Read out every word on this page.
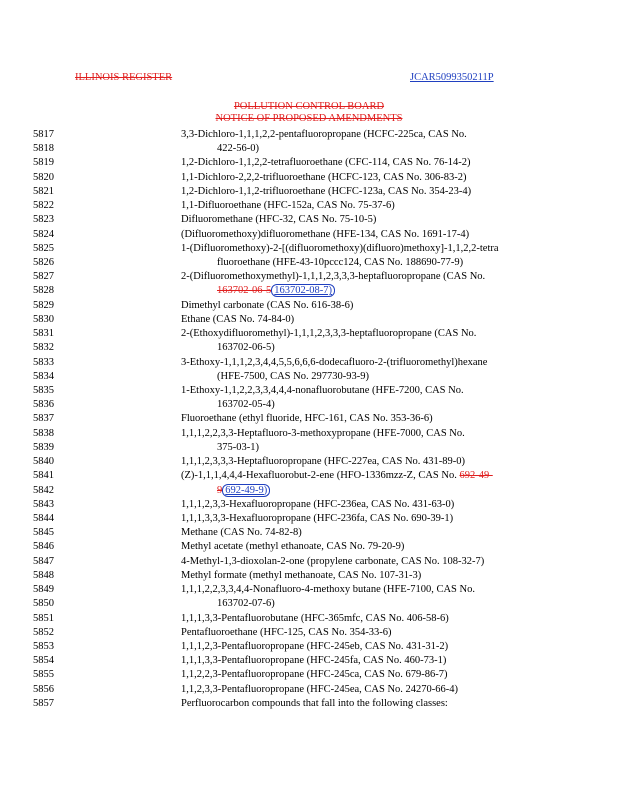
ILLINOIS REGISTER	JCAR5099350211P
POLLUTION CONTROL BOARD
NOTICE OF PROPOSED AMENDMENTS
5817	3,3-Dichloro-1,1,1,2,2-pentafluoropropane (HCFC-225ca, CAS No.
5818	422-56-0)
5819	1,2-Dichloro-1,1,2,2-tetrafluoroethane (CFC-114, CAS No. 76-14-2)
5820	1,1-Dichloro-2,2,2-trifluoroethane (HCFC-123, CAS No. 306-83-2)
5821	1,2-Dichloro-1,1,2-trifluoroethane (HCFC-123a, CAS No. 354-23-4)
5822	1,1-Difluoroethane (HFC-152a, CAS No. 75-37-6)
5823	Difluoromethane (HFC-32, CAS No. 75-10-5)
5824	(Difluoromethoxy)difluoromethane (HFE-134, CAS No. 1691-17-4)
5825	1-(Difluoromethoxy)-2-[(difluoromethoxy)(difluoro)methoxy]-1,1,2,2-tetra
5826	fluoroethane (HFE-43-10pccc124, CAS No. 188690-77-9)
5827	2-(Difluoromethoxymethyl)-1,1,1,2,3,3,3-heptafluoropropane (CAS No.
5828	163702-06-5 163702-08-7)
5829	Dimethyl carbonate (CAS No. 616-38-6)
5830	Ethane (CAS No. 74-84-0)
5831	2-(Ethoxydifluoromethyl)-1,1,1,2,3,3,3-heptafluoropropane (CAS No.
5832	163702-06-5)
5833	3-Ethoxy-1,1,1,2,3,4,4,5,5,6,6,6-dodecafluoro-2-(trifluoromethyl)hexane
5834	(HFE-7500, CAS No. 297730-93-9)
5835	1-Ethoxy-1,1,2,2,3,3,4,4,4-nonafluorobutane (HFE-7200, CAS No.
5836	163702-05-4)
5837	Fluoroethane (ethyl fluoride, HFC-161, CAS No. 353-36-6)
5838	1,1,1,2,2,3,3-Heptafluoro-3-methoxypropane (HFE-7000, CAS No.
5839	375-03-1)
5840	1,1,1,2,3,3,3-Heptafluoropropane (HFC-227ea, CAS No. 431-89-0)
5841	(Z)-1,1,1,4,4,4-Hexafluorobut-2-ene (HFO-1336mzz-Z, CAS No. 692-49-
5842	9 692-49-9)
5843	1,1,1,2,3,3-Hexafluoropropane (HFC-236ea, CAS No. 431-63-0)
5844	1,1,1,3,3,3-Hexafluoropropane (HFC-236fa, CAS No. 690-39-1)
5845	Methane (CAS No. 74-82-8)
5846	Methyl acetate (methyl ethanoate, CAS No. 79-20-9)
5847	4-Methyl-1,3-dioxolan-2-one (propylene carbonate, CAS No. 108-32-7)
5848	Methyl formate (methyl methanoate, CAS No. 107-31-3)
5849	1,1,1,2,2,3,3,4,4-Nonafluoro-4-methoxy butane (HFE-7100, CAS No.
5850	163702-07-6)
5851	1,1,1,3,3-Pentafluorobutane (HFC-365mfc, CAS No. 406-58-6)
5852	Pentafluoroethane (HFC-125, CAS No. 354-33-6)
5853	1,1,1,2,3-Pentafluoropropane (HFC-245eb, CAS No. 431-31-2)
5854	1,1,1,3,3-Pentafluoropropane (HFC-245fa, CAS No. 460-73-1)
5855	1,1,2,2,3-Pentafluoropropane (HFC-245ca, CAS No. 679-86-7)
5856	1,1,2,3,3-Pentafluoropropane (HFC-245ea, CAS No. 24270-66-4)
5857	Perfluorocarbon compounds that fall into the following classes:
